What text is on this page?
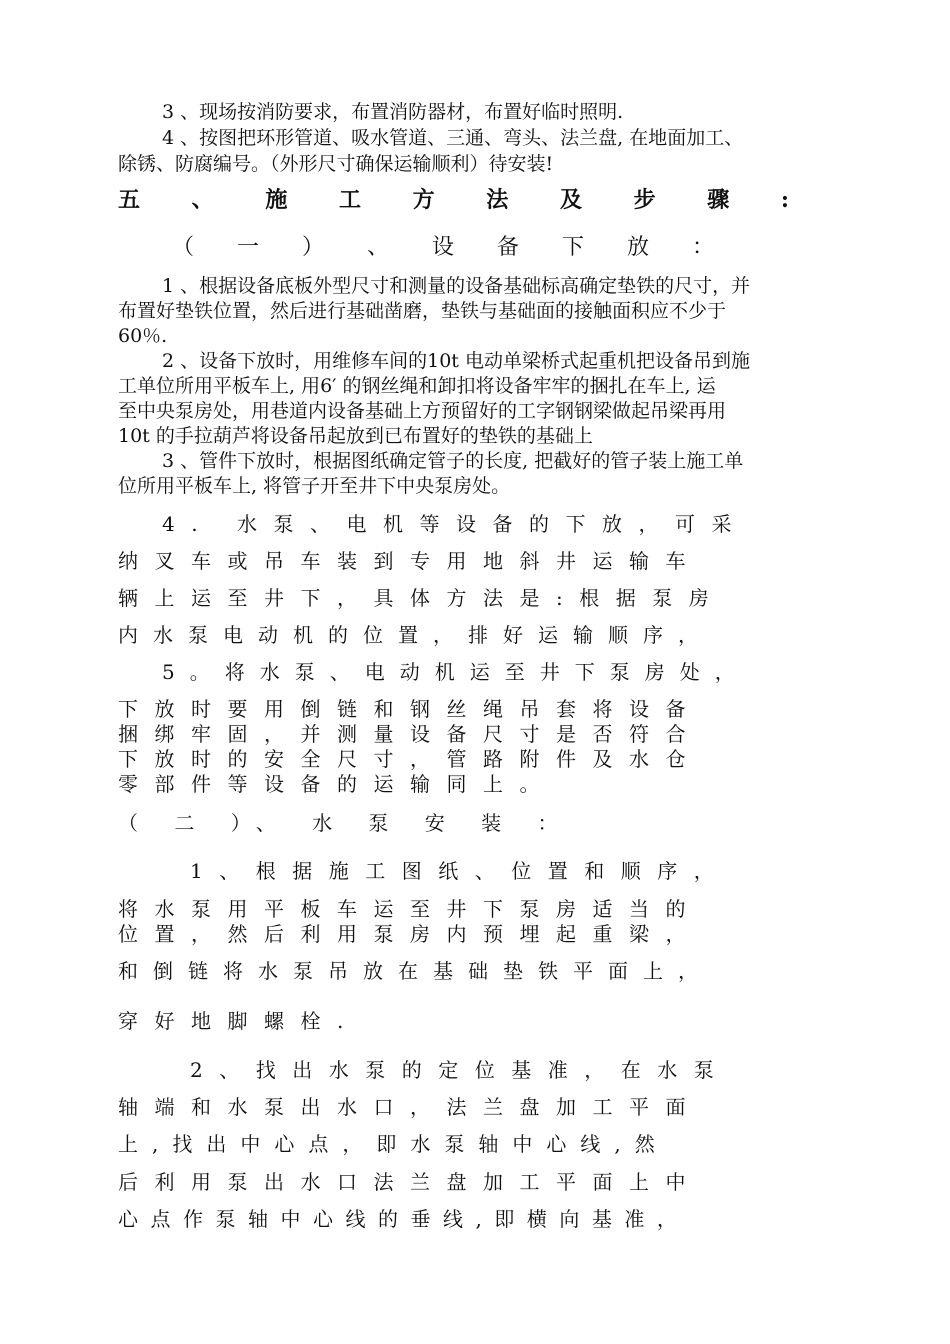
3 、现场按消防要求，布置消防器材，布置好临时照明.
4 、按图把环形管道、吸水管道、三通、弯头、法兰盘, 在地面加工、
除锈、防腐编号。（外形尺寸确保运输顺利）待安装!
五 、 施 工 方 法 及 步 骤 :
（ 一 ） 、 设 备 下 放 ：
1 、根据设备底板外型尺寸和测量的设备基础标高确定垫铁的尺寸，并
布置好垫铁位置，然后进行基础凿磨，垫铁与基础面的接触面积应不少于
60％.
2 、设备下放时，用维修车间的10t 电动单梁桥式起重机把设备吊到施
工单位所用平板车上, 用6′ 的钢丝绳和卸扣将设备牢牢的捆扎在车上, 运
至中央泵房处，用巷道内设备基础上方预留好的工字钢钢梁做起吊梁再用
10t 的手拉葫芦将设备吊起放到已布置好的垫铁的基础上
3 、管件下放时，根据图纸确定管子的长度, 把截好的管子装上施工单
位所用平板车上, 将管子开至井下中央泵房处。
4. 水泵、电机等设备的下放，可采
纳叉车或吊车装到专用地斜井运输车
辆上运至井下，具体方法是:根据泵房
内水泵电动机的位置，排好运输顺序，
5。将水泵、电动机运至井下泵房处，
下放时要用倒链和钢丝绳吊套将设备
捆绑牢固，并测量设备尺寸是否符合
下放时的安全尺寸，管路附件及水仓
零部件等设备的运输同上。
（ 二 ）、 水 泵 安 装 ：
1、根据施工图纸、位置和顺序，
将水泵用平板车运至井下泵房适当的
位置，然后利用泵房内预埋起重梁，
和倒链将水泵吊放在基础垫铁平面上，
穿好地脚螺栓.
2、找出水泵的定位基准，在水泵
轴端和水泵出水口，法兰盘加工平面
上,找出中心点，即水泵轴中心线,然
后利用泵出水口法兰盘加工平面上中
心点作泵轴中心线的垂线,即横向基准，
